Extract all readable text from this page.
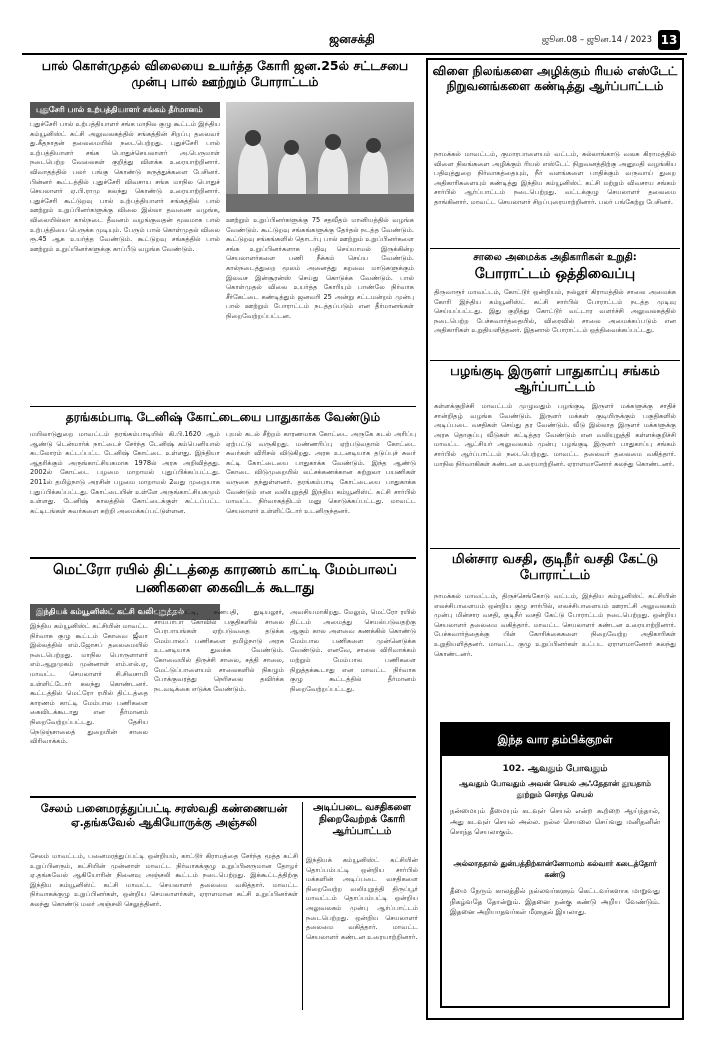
ஜனசக்தி	ஜூன.08 – ஜூன.14 / 2023 13
பால் கொள்முதல் விலையை உயர்த்த கோரி ஜன.25ல் சட்டசபை முன்பு பால் ஊற்றும் போராட்டம்
புதுசேரி பால் உற்பத்தியாளர் சங்கம் தீர்மானம்
புதுச்சேரி பால் உற்பத்தியாளர் சங்க மாநில குழு கூட்டம் இந்திய கம்யூனிஸ்ட் கட்சி அலுவலகத்தில் சங்கத்தின் சிறப்பு தலைவர் து.கீதநாதன் தலைமையில் நடைபெற்றது. புதுச்சேரி பால் உற்பத்தியாளர் சங்க பொதுச்செயலாளர் அ.பெருமாள் நடைபெற்ற வேலைகள் குறித்து விளக்க உரையாற்றினார். விவாதத்தில் பலர் பங்கு கொண்டு கருத்துக்களை பேசினர். பின்னர் கூட்டத்தில் புதுச்சேரி விவசாய சங்க மாநில பொதுச் செயலாளர் ஏ.பி.ராமு கலந்து கொண்டு உரையாற்றினார். புதுச்சேரி கூட்டுறவு பால் உற்பத்தியாளர் சங்கத்தில் பால் ஊற்றும் உறுப்பினர்களுக்கு விலை இல்லா தவணை வழங்க, விலையில்லா கால்நடை தீவனம் வழங்குவதன் மூலமாக பால் உற்பத்தியை பெருக்க முடியும். பேரும் பால் கொள்முதல் விலை ரூ.45 ஆக உயர்த்த வேண்டும். கூட்டுறவு சங்கத்தில் பால் ஊற்றும் உறுப்பினர்களுக்கு காப்பீடு வழங்க வேண்டும்.
ஊற்றும் உறுப்பினர்களுக்கு 75 சதவீதம் மானியத்தில் வழங்க வேண்டும். கூட்டுறவு சங்கங்களுக்கு தேர்தல் நடத்த வேண்டும். கூட்டுறவு சங்கங்களில் தொடர்பு பால் ஊற்றும் உறுப்பினர்களை சங்க உறுப்பினர்களாக பதிவு செய்யாமல் இருக்கின்ற செயலாளர்களை பணி நீக்கம் செய்ய வேண்டும். கால்நடைத்துறை மூலம் அனைத்து கறவை மாடுகளுக்கும் இலவச இன்சூரன்ஸ் செய்து கொடுக்க வேண்டும். பால் கொள்முதல் விலை உயர்த்த கோரியும் பாண்லே நிர்வாக சீர்கேட்டை கண்டித்தும் ஜனவரி 25 அன்று சட்டமன்றம் முன்பு பால் ஊற்றும் போராட்டம் நடத்தப்படும் என தீர்மானங்கள் நிறைவேற்றப்பட்டன.
தரங்கம்பாடி டேனிஷ் கோட்டையை பாதுகாக்க வேண்டும்
மயிலாடுதுறை மாவட்டம் தரங்கம்பாடியில் கி.பி.1620 ஆம் ஆண்டு டென்மார்க் நாட்டைச் சேர்ந்த டேனிஷ் கம்பெனியால் கடலோரம் கட்டப்பட்ட டேனிஷ் கோட்டை உள்ளது. இந்தியா ஆதரிக்கும் அருங்காட்சியகமாக 1978ல் அரசு அறிவித்தது. 2002ல் கோட்டை பழமை மாறாமல் புதுப்பிக்கப்பட்டது. 2011ல் தமிழ்நாடு அரசின் பழமை மாறாமல் 2வது முறையாக புதுப்பிக்கப்பட்டது. கோட்டையின் உள்ளே அருங்காட்சியகமும் உள்ளது. டேனிஷ் காலத்தில் கோட்டைக்குள் கட்டப்பட்ட கட்டிடங்கள் சுவர்களை சுற்றி அமைக்கப்பட்டுள்ளன.
புயல் கடல் சீற்றம் காரணமாக கோட்டை அருகே கடல் அரிப்பு ஏற்பட்டு வருகிறது. மண்ணரிப்பு ஏற்படுவதால் கோட்டை சுவர்கள் விரிசல் விடுகிறது. அரசு உடனடியாக தடுப்புச் சுவர் கட்டி கோட்டையை பாதுகாக்க வேண்டும். இந்த ஆண்டு கோடை விடுமுறையில் லட்சக்கணக்கான சுற்றுலா பயணிகள் வருகை தந்துள்ளனர். தரங்கம்பாடி கோட்டையை பாதுகாக்க வேண்டும் என வலியுறுத்தி இந்திய கம்யூனிஸ்ட் கட்சி சார்பில் மாவட்ட நிர்வாகத்திடம் மனு கொடுக்கப்பட்டது. மாவட்ட செயலாளர் உள்ளிட்டோர் உடனிருந்தனர்.
மெட்ரோ ரயில் திட்டத்தை காரணம் காட்டி மேம்பாலப் பணிகளை கைவிடக் கூடாது
இந்தியக் கம்யூனிஸ்ட் கட்சி வலியுறுத்தல்
இந்திய கம்யூனிஸ்ட் கட்சியின் மாவட்ட நிர்வாக குழு கூட்டம் கோவை ஜீவா இல்லத்தில் எம்.ஜோசப் தலைமையில் நடைபெற்றது. மாநில பொருளாளர் எம்.ஆறுமுகம் முன்னாள் எம்.எல்.ஏ, மாவட்ட செயலாளர் சி.சிவசாமி உள்ளிட்டோர் கலந்து கொண்டனர். கூட்டத்தில் மெட்ரோ ரயில் திட்டத்தை காரணம் காட்டி மேம்பால பணிகளை கைவிடக்கூடாது என தீர்மானம் நிறைவேற்றப்பட்டது. தேசிய நெடுஞ்சாலைத் துறையின் சாலை விரிவாக்கம்.
சரவணம்பட்டி, கணபதி, துடியலூர், சாய்பாபா கோவில் பகுதிகளில் சாலை பேரபாயங்கள் ஏற்படுவதை தடுக்க மேம்பாலப் பணிகளை தமிழ்நாடு அரசு உடனடியாக துவக்க வேண்டும். கோவையில் திருச்சி சாலை, சத்தி சாலை, மேட்டுப்பாளையம் சாலைகளில் நிகழும் போக்குவரத்து நெரிசலை தவிர்க்க நடவடிக்கை எடுக்க வேண்டும்.
அவசியமாகிறது. மேலும், மெட்ரோ ரயில் திட்டம் அமைத்து செயல்படுவதற்கு ஆகும் கால அளவை கணக்கில் கொண்டு மேம்பால பணிகளை முன்னெடுக்க வேண்டும். எனவே, சாலை விரிவாக்கம் மற்றும் மேம்பால பணிகளை நிறுத்தக்கூடாது என மாவட்ட நிர்வாக குழு கூட்டத்தில் தீர்மானம் நிறைவேற்றப்பட்டது.
சேலம் பனைமரத்துப்பட்டி சரஸ்வதி கண்ணையன் ஏ.தங்கவேல் ஆகியோருக்கு அஞ்சலி
சேலம் மாவட்டம், பனைமரத்துப்பட்டி ஒன்றியம், காட்டூர் கிராமத்தை சேர்ந்த மூத்த கட்சி உறுப்பினரும், கட்சியின் முன்னாள் மாவட்ட நிர்வாகக்குழு உறுப்பினருமான தோழர் ஏ.தங்கவேல் ஆகியோரின் நினைவு அஞ்சலி கூட்டம் நடைபெற்றது. இக்கூட்டத்திற்கு இந்திய கம்யூனிஸ்ட் கட்சி மாவட்ட செயலாளர் தலைமை வகித்தார். மாவட்ட நிர்வாகக்குழு உறுப்பினர்கள், ஒன்றிய செயலாளர்கள், ஏராளமான கட்சி உறுப்பினர்கள் கலந்து கொண்டு மலர் அஞ்சலி செலுத்தினர்.
அடிப்படை வசதிகளை நிறைவேற்றக் கோரி ஆர்ப்பாட்டம்
இந்தியக் கம்யூனிஸ்ட் கட்சியின் தொப்பம்பட்டி ஒன்றிய சார்பில் மக்களின் அடிப்படை வசதிகளை நிறைவேற்ற வலியுறுத்தி திருப்பூர் மாவட்டம் தொப்பம்பட்டி ஒன்றிய அலுவலகம் முன்பு ஆர்ப்பாட்டம் நடைபெற்றது. ஒன்றிய செயலாளர் தலைமை வகித்தார். மாவட்ட செயலாளர் கண்டன உரையாற்றினார்.
விளை நிலங்களை அழிக்கும் ரியல் எஸ்டேட் நிறுவனங்களை கண்டித்து ஆர்ப்பாட்டம்
நாமக்கல் மாவட்டம், குமாரபாளையம் வட்டம், கல்லாங்காடு வலசு கிராமத்தில் விளை நிலங்களை அழிக்கும் ரியல் எஸ்டேட் நிறுவனத்திற்கு அனுமதி வழங்கிய பதிவுத்துறை நிர்வாகத்தையும், நீர் வளங்களை பாதிக்கும் வருவாய் துறை அதிகாரிகளையும் கண்டித்து இந்திய கம்யூனிஸ்ட் கட்சி மற்றும் விவசாய சங்கம் சார்பில் ஆர்ப்பாட்டம் நடைபெற்றது. வட்டக்குழு செயலாளர் தலைமை தாங்கினார். மாவட்ட செயலாளர் சிறப்புரையாற்றினார். பலர் பங்கேற்று பேசினர்.
சாலை அமைக்க அதிகாரிகள் உறுதி:
போராட்டம் ஒத்திவைப்பு
திருவாரூர் மாவட்டம், கோட்டூர் ஒன்றியம், நல்லூர் கிராமத்தில் சாலை அமைக்க கோரி இந்திய கம்யூனிஸ்ட் கட்சி சார்பில் போராட்டம் நடத்த முடிவு செய்யப்பட்டது. இது குறித்து கோட்டூர் வட்டார வளர்ச்சி அலுவலகத்தில் நடைபெற்ற பேச்சுவார்த்தையில், விரைவில் சாலை அமைக்கப்படும் என அதிகாரிகள் உறுதியளித்தனர். இதனால் போராட்டம் ஒத்திவைக்கப்பட்டது.
பழங்குடி இருளர் பாதுகாப்பு சங்கம் ஆர்ப்பாட்டம்
கள்ளக்குறிச்சி மாவட்டம் முழுவதும் பழங்குடி இருளர் மக்களுக்கு சாதிச் சான்றிதழ் வழங்க வேண்டும். இருளர் மக்கள் குடியிருக்கும் பகுதிகளில் அடிப்படை வசதிகள் செய்து தர வேண்டும். வீடு இல்லாத இருளர் மக்களுக்கு அரசு தொகுப்பு வீடுகள் கட்டித்தர வேண்டும் என வலியுறுத்தி கள்ளக்குறிச்சி மாவட்ட ஆட்சியர் அலுவலகம் முன்பு பழங்குடி இருளர் பாதுகாப்பு சங்கம் சார்பில் ஆர்ப்பாட்டம் நடைபெற்றது. மாவட்ட தலைவர் தலைமை வகித்தார். மாநில நிர்வாகிகள் கண்டன உரையாற்றினர். ஏராளமானோர் கலந்து கொண்டனர்.
மின்சார வசதி, குடிநீர் வசதி கேட்டு போராட்டம்
நாமக்கல் மாவட்டம், திருச்செங்கோடு வட்டம், இந்திய கம்யூனிஸ்ட் கட்சியின் எலச்சிபாளையம் ஒன்றிய குழு சார்பில், எலச்சிபாளையம் ஊராட்சி அலுவலகம் முன்பு மின்சார வசதி, குடிநீர் வசதி கேட்டு போராட்டம் நடைபெற்றது. ஒன்றிய செயலாளர் தலைமை வகித்தார். மாவட்ட செயலாளர் கண்டன உரையாற்றினார். பேச்சுவார்த்தைக்கு பின் கோரிக்கைகளை நிறைவேற்ற அதிகாரிகள் உறுதியளித்தனர். மாவட்ட குழு உறுப்பினர்கள் உட்பட ஏராளமானோர் கலந்து கொண்டனர்.
இந்த வார தம்பிக்குறள்
102. ஆவதும் போவதும்
ஆவதும் போவதும் அவன் செயல் அஃதேதான் தூயதாம் தூற்றும் சொந்த செயல்
நன்மையும் தீமையும் கடவுள் செயல் என்ற கூற்றை ஆய்ந்தால், அது கடவுள் செயல் அல்ல. நல்ல செயலை செய்வது மனிதனின் சொந்த செயலாகும்.
அல்லாததால் துன்பத்திற்கான்னோமாம் கல்வார் கடைத்தோர் கண்டு
தீமை நேரும் காலத்தில் நல்லவர்களும் கெட்டவர்களாக மாறுவது நிகழ்வதே தோன்றும். இதனை நன்கு கண்டு அறிய வேண்டும். இதனை அறியாதவர்கள் மீளுதல் இயலாது.
